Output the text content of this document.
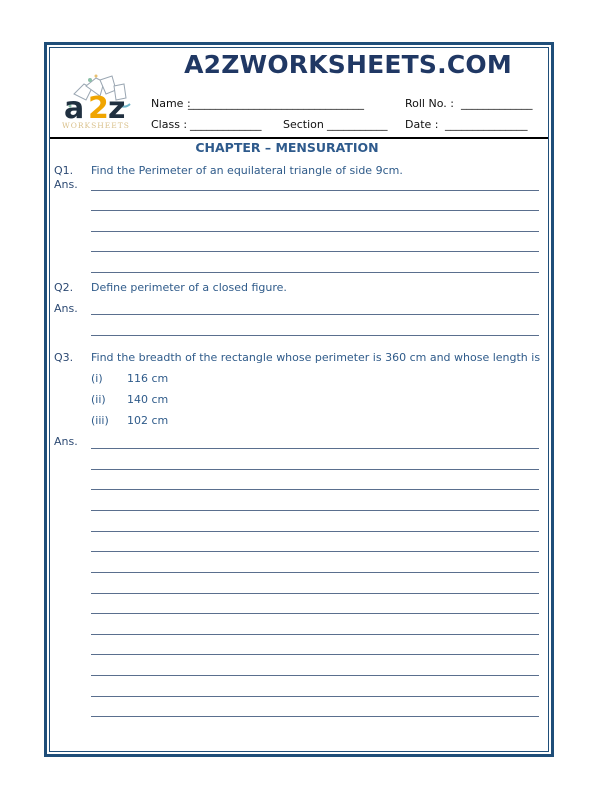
a 2 z
WORKSHEETS
A2ZWORKSHEETS.COM
Name :
________________________________	Roll No. : _____________
Class : _____________ Section ___________ Date : _______________
CHAPTER – MENSURATION
Q1. Find the Perimeter of an equilateral triangle of side 9cm.
Ans.
Q2. Define perimeter of a closed figure.
Ans.
Q3. Find the breadth of the rectangle whose perimeter is 360 cm and whose length is
(i) 116 cm
(ii) 140 cm
(iii) 102 cm
Ans.
